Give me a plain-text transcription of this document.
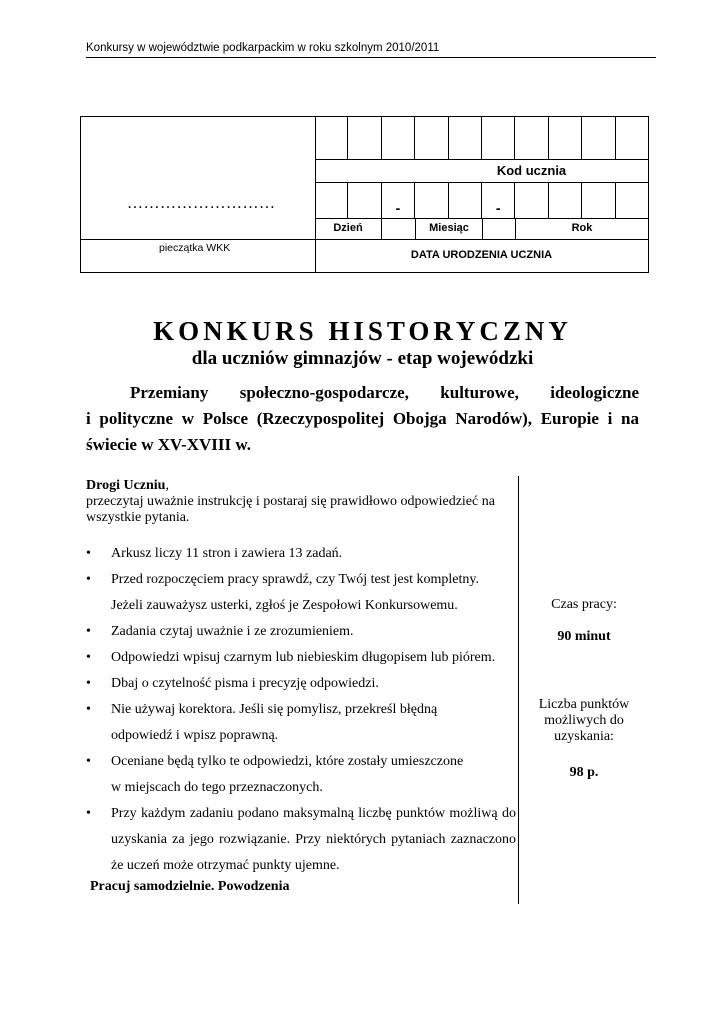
Konkursy w województwie podkarpackim w roku szkolnym 2010/2011
………………………
pieczątka WKK
Kod ucznia
-	-
Dzień	Miesiąc	Rok
DATA URODZENIA UCZNIA
KONKURS HISTORYCZNY
dla uczniów gimnazjów - etap wojewódzki
Przemiany społeczno-gospodarcze, kulturowe, ideologiczne
i polityczne w Polsce (Rzeczypospolitej Obojga Narodów), Europie i na
świecie w XV-XVIII w.
Drogi Uczniu,
przeczytaj uważnie instrukcję i postaraj się prawidłowo odpowiedzieć na wszystkie pytania.
• Arkusz liczy 11 stron i zawiera 13 zadań.
• Przed rozpoczęciem pracy sprawdź, czy Twój test jest kompletny.
Jeżeli zauważysz usterki, zgłoś je Zespołowi Konkursowemu.
• Zadania czytaj uważnie i ze zrozumieniem.
• Odpowiedzi wpisuj czarnym lub niebieskim długopisem lub piórem.
• Dbaj o czytelność pisma i precyzję odpowiedzi.
• Nie używaj korektora. Jeśli się pomylisz, przekreśl błędną
odpowiedź i wpisz poprawną.
• Oceniane będą tylko te odpowiedzi, które zostały umieszczone
w miejscach do tego przeznaczonych.
• Przy każdym zadaniu podano maksymalną liczbę punktów możliwą do uzyskania za jego rozwiązanie. Przy niektórych pytaniach zaznaczono że uczeń może otrzymać punkty ujemne.
Pracuj samodzielnie. Powodzenia
Czas pracy:
90 minut
Liczba punktów
możliwych do
uzyskania:
98 p.
